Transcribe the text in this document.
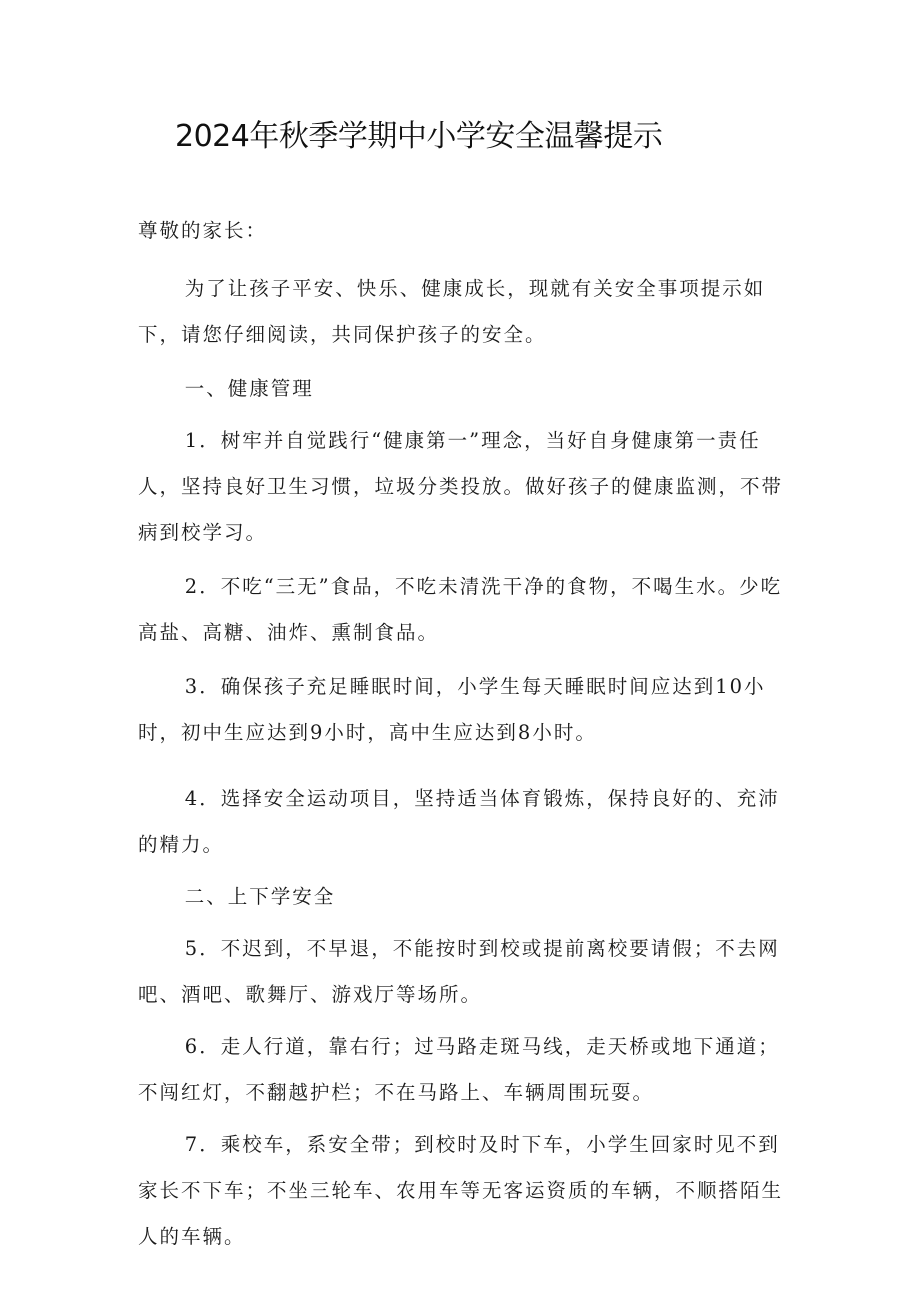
2024年秋季学期中小学安全温馨提示

尊敬的家长：

为了让孩子平安、快乐、健康成长，现就有关安全事项提示如下，请您仔细阅读，共同保护孩子的安全。

一、健康管理

1．树牢并自觉践行“健康第一”理念，当好自身健康第一责任人，坚持良好卫生习惯，垃圾分类投放。做好孩子的健康监测，不带病到校学习。

2．不吃“三无”食品，不吃未清洗干净的食物，不喝生水。少吃高盐、高糖、油炸、熏制食品。

3．确保孩子充足睡眠时间，小学生每天睡眠时间应达到10小时，初中生应达到9小时，高中生应达到8小时。

4．选择安全运动项目，坚持适当体育锻炼，保持良好的、充沛的精力。

二、上下学安全

5．不迟到，不早退，不能按时到校或提前离校要请假；不去网吧、酒吧、歌舞厅、游戏厅等场所。

6．走人行道，靠右行；过马路走斑马线，走天桥或地下通道；不闯红灯，不翻越护栏；不在马路上、车辆周围玩耍。

7．乘校车，系安全带；到校时及时下车，小学生回家时见不到家长不下车；不坐三轮车、农用车等无客运资质的车辆，不顺搭陌生人的车辆。
